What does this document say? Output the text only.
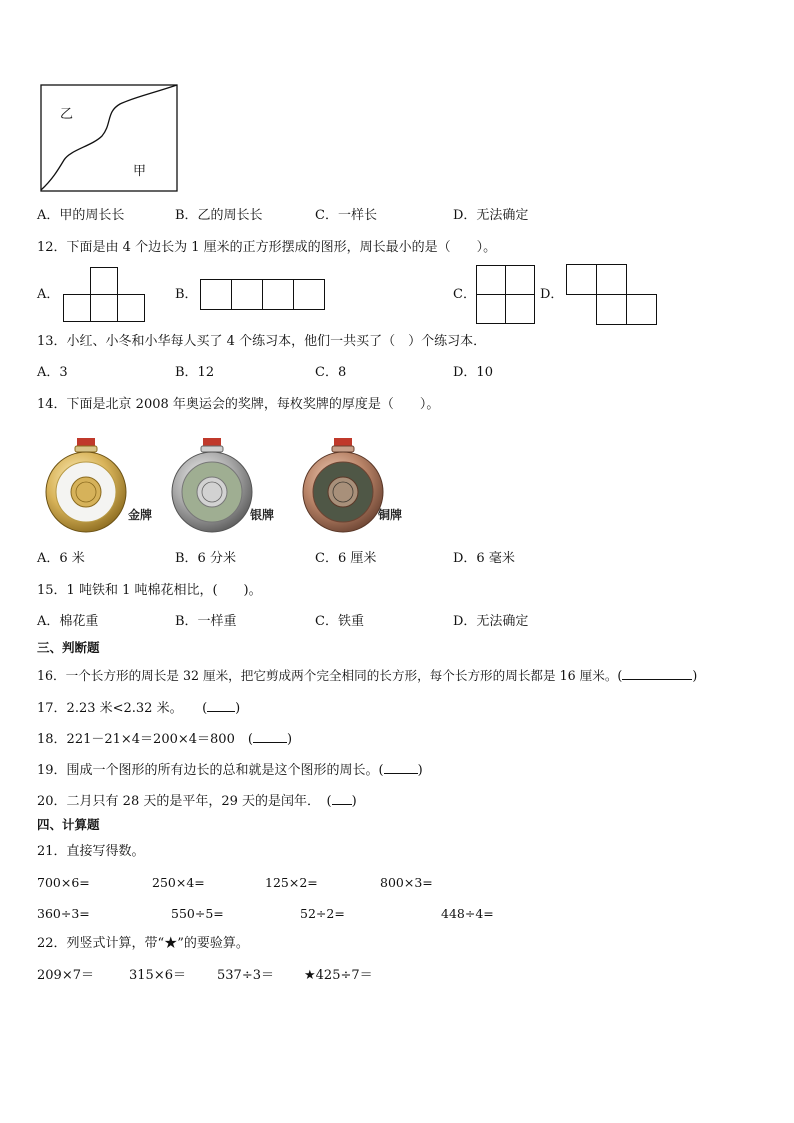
乙
甲
A．甲的周长长	B．乙的周长长	C．一样长	D．无法确定
12．下面是由 4 个边长为 1 厘米的正方形摆成的图形，周长最小的是（　　）。
A．	B．	C．	D．
13．小红、小冬和小华每人买了 4 个练习本，他们一共买了（　）个练习本．
A．3	B．12	C．8	D．10
14．下面是北京 2008 年奥运会的奖牌，每枚奖牌的厚度是（　　）。
金牌	银牌	铜牌
A．6 米	B．6 分米	C．6 厘米	D．6 毫米
15．1 吨铁和 1 吨棉花相比，(　　)。
A．棉花重	B．一样重	C．铁重	D．无法确定
三、判断题
16．一个长方形的周长是 32 厘米，把它剪成两个完全相同的长方形，每个长方形的周长都是 16 厘米。(	)
17．2.23 米<2.32 米。　　( )
18．221－21×4＝200×4＝800　(	)
19．围成一个图形的所有边长的总和就是这个图形的周长。(	)
20．二月只有 28 天的是平年，29 天的是闰年．　( )
四、计算题
21．直接写得数。
700×6=	250×4=	125×2=	800×3=
360÷3=	550÷5=	52÷2=	448÷4=
22．列竖式计算，带“★”的要验算。
209×7＝	315×6＝ 537÷3＝ ★425÷7＝
